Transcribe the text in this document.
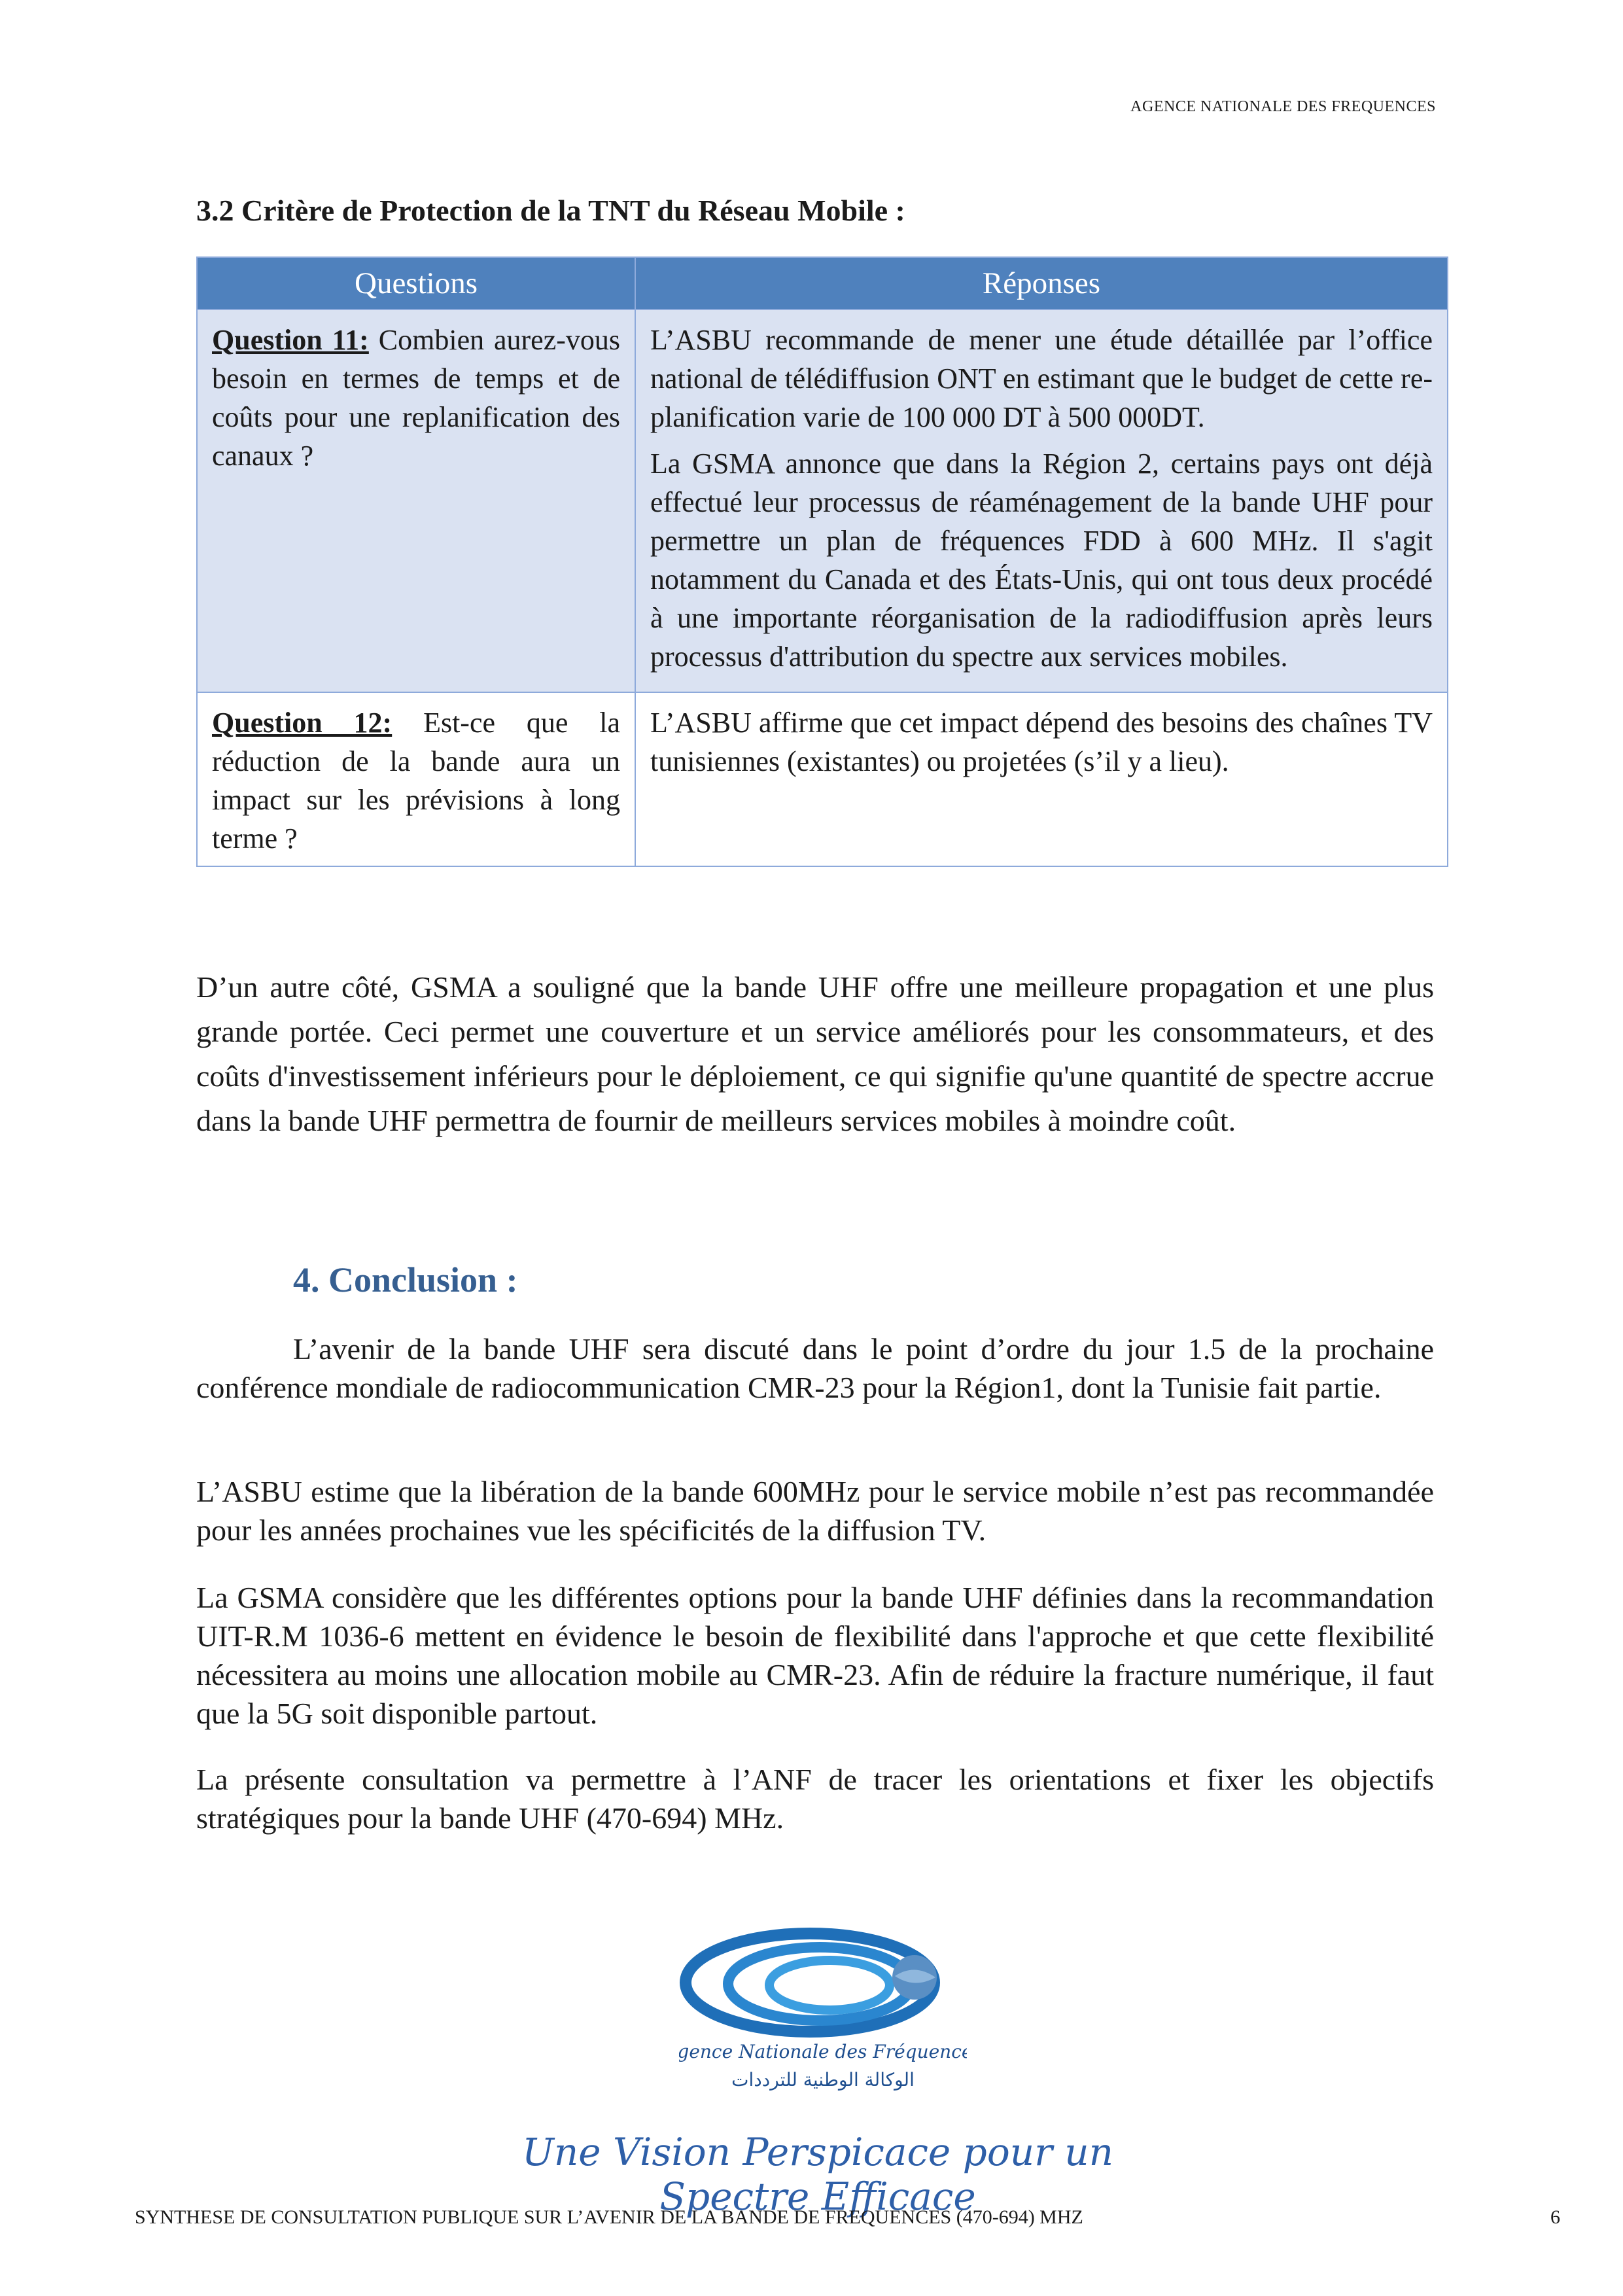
AGENCE NATIONALE DES FREQUENCES
3.2 Critère de Protection de la TNT du Réseau Mobile :
Questions	Réponses
Question 11: Combien aurez-vous besoin en termes de temps et de coûts pour une replanification des canaux ?	L’ASBU recommande de mener une étude détaillée par l’office national de télédiffusion ONT en estimant que le budget de cette re-planification varie de 100 000 DT à 500 000DT.

La GSMA annonce que dans la Région 2, certains pays ont déjà effectué leur processus de réaménagement de la bande UHF pour permettre un plan de fréquences FDD à 600 MHz. Il s'agit notamment du Canada et des États-Unis, qui ont tous deux procédé à une importante réorganisation de la radiodiffusion après leurs processus d'attribution du spectre aux services mobiles.

Question 12: Est-ce que la réduction de la bande aura un impact sur les prévisions à long terme ?	L’ASBU affirme que cet impact dépend des besoins des chaînes TV tunisiennes (existantes) ou projetées (s’il y a lieu).

D’un autre côté, GSMA a souligné que la bande UHF offre une meilleure propagation et une plus grande portée. Ceci permet une couverture et un service améliorés pour les consommateurs, et des coûts d'investissement inférieurs pour le déploiement, ce qui signifie qu'une quantité de spectre accrue dans la bande UHF permettra de fournir de meilleurs services mobiles à moindre coût.

4. Conclusion :

L’avenir de la bande UHF sera discuté dans le point d’ordre du jour 1.5 de la prochaine conférence mondiale de radiocommunication CMR-23 pour la Région1, dont la Tunisie fait partie.

L’ASBU estime que la libération de la bande 600MHz pour le service mobile n’est pas recommandée pour les années prochaines vue les spécificités de la diffusion TV.

La GSMA considère que les différentes options pour la bande UHF définies dans la recommandation UIT-R.M 1036-6 mettent en évidence le besoin de flexibilité dans l'approche et que cette flexibilité nécessitera au moins une allocation mobile au CMR-23. Afin de réduire la fracture numérique, il faut que la 5G soit disponible partout.

La présente consultation va permettre à l’ANF de tracer les orientations et fixer les objectifs stratégiques pour la bande UHF (470-694) MHz.

Agence Nationale des Fréquences
الوكالة الوطنية للترددات
Une Vision Perspicace pour un Spectre Efficace
SYNTHESE DE CONSULTATION PUBLIQUE SUR L’AVENIR DE LA BANDE DE FREQUENCES (470-694) MHZ	6
